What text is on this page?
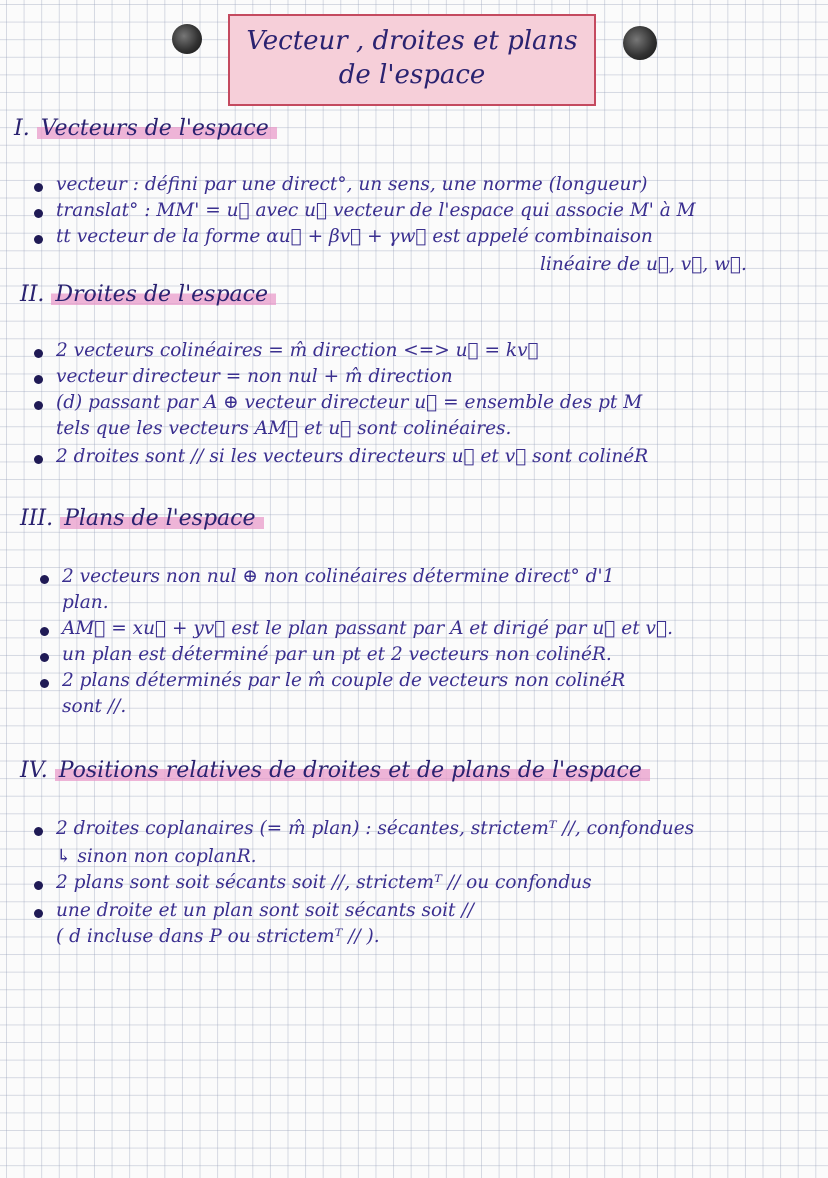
Vecteur , droites et plans
de l'espace
I. Vecteurs de l'espace
vecteur : défini par une direct°, un sens, une norme (longueur)
translat° : MM' = u⃗ avec u⃗ vecteur de l'espace qui associe M' à M
tt vecteur de la forme αu⃗ + βv⃗ + γw⃗ est appelé combinaison
linéaire de u⃗, v⃗, w⃗.
II. Droites de l'espace
2 vecteurs colinéaires = m̂ direction <=> u⃗ = kv⃗
vecteur directeur = non nul + m̂ direction
(d) passant par A ⊕ vecteur directeur u⃗ = ensemble des pt M
tels que les vecteurs AM⃗ et u⃗ sont colinéaires.
2 droites sont // si les vecteurs directeurs u⃗ et v⃗ sont colinéR
III. Plans de l'espace
2 vecteurs non nul ⊕ non colinéaires détermine direct° d'1
plan.
AM⃗ = xu⃗ + yv⃗ est le plan passant par A et dirigé par u⃗ et v⃗.
un plan est déterminé par un pt et 2 vecteurs non colinéR.
2 plans déterminés par le m̂ couple de vecteurs non colinéR
sont //.
IV. Positions relatives de droites et de plans de l'espace
2 droites coplanaires (= m̂ plan) : sécantes, strictemᵀ //, confondues
↳ sinon non coplanR.
2 plans sont soit sécants soit //, strictemᵀ // ou confondus
une droite et un plan sont soit sécants soit //
( d incluse dans P ou strictemᵀ // ).
